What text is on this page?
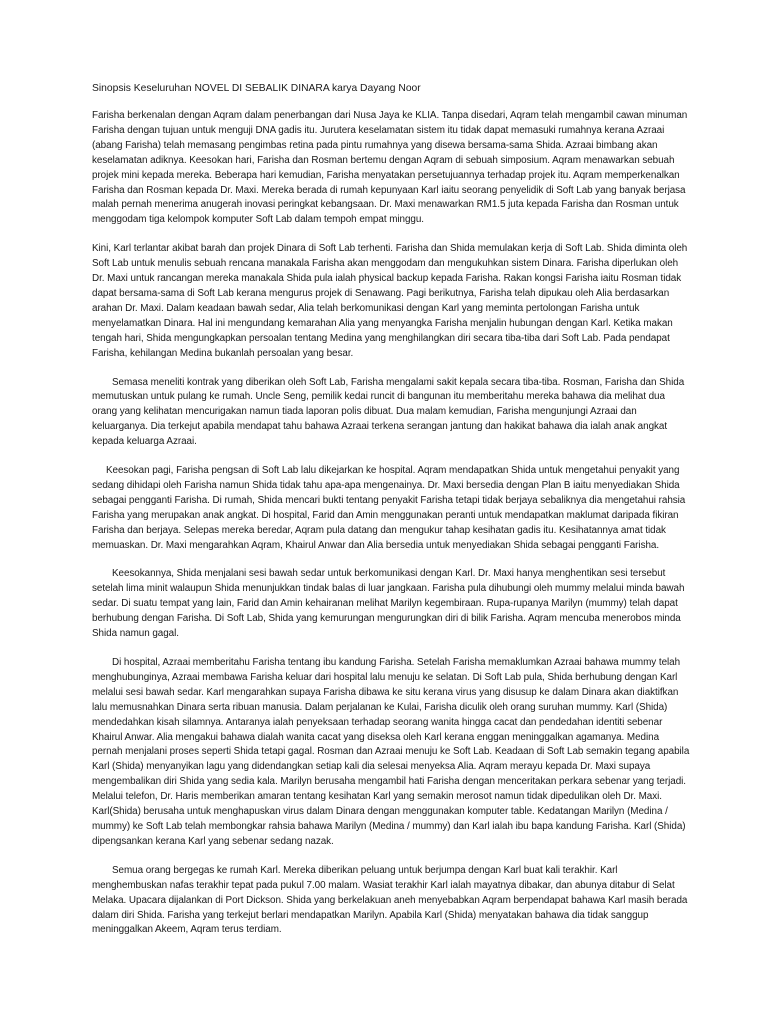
Sinopsis Keseluruhan NOVEL DI SEBALIK DINARA karya Dayang Noor

Farisha berkenalan dengan Aqram dalam penerbangan dari Nusa Jaya ke KLIA. Tanpa disedari, Aqram telah mengambil cawan minuman Farisha dengan tujuan untuk menguji DNA gadis itu. Jurutera keselamatan sistem itu tidak dapat memasuki rumahnya kerana Azraai (abang Farisha) telah memasang pengimbas retina pada pintu rumahnya yang disewa bersama-sama Shida. Azraai bimbang akan keselamatan adiknya. Keesokan hari, Farisha dan Rosman bertemu dengan Aqram di sebuah simposium. Aqram menawarkan sebuah projek mini kepada mereka. Beberapa hari kemudian, Farisha menyatakan persetujuannya terhadap projek itu. Aqram memperkenalkan Farisha dan Rosman kepada Dr. Maxi. Mereka berada di rumah kepunyaan Karl iaitu seorang penyelidik di Soft Lab yang banyak berjasa malah pernah menerima anugerah inovasi peringkat kebangsaan. Dr. Maxi menawarkan RM1.5 juta kepada Farisha dan Rosman untuk menggodam tiga kelompok komputer Soft Lab dalam tempoh empat minggu.

Kini, Karl terlantar akibat barah dan projek Dinara di Soft Lab terhenti. Farisha dan Shida memulakan kerja di Soft Lab. Shida diminta oleh Soft Lab untuk menulis sebuah rencana manakala Farisha akan menggodam dan mengukuhkan sistem Dinara. Farisha diperlukan oleh Dr. Maxi untuk rancangan mereka manakala Shida pula ialah physical backup kepada Farisha. Rakan kongsi Farisha iaitu Rosman tidak dapat bersama-sama di Soft Lab kerana mengurus projek di Senawang. Pagi berikutnya, Farisha telah dipukau oleh Alia berdasarkan arahan Dr. Maxi. Dalam keadaan bawah sedar, Alia telah berkomunikasi dengan Karl yang meminta pertolongan Farisha untuk menyelamatkan Dinara. Hal ini mengundang kemarahan Alia yang menyangka Farisha menjalin hubungan dengan Karl. Ketika makan tengah hari, Shida mengungkapkan persoalan tentang Medina yang menghilangkan diri secara tiba-tiba dari Soft Lab. Pada pendapat Farisha, kehilangan Medina bukanlah persoalan yang besar.

Semasa meneliti kontrak yang diberikan oleh Soft Lab, Farisha mengalami sakit kepala secara tiba-tiba. Rosman, Farisha dan Shida memutuskan untuk pulang ke rumah. Uncle Seng, pemilik kedai runcit di bangunan itu memberitahu mereka bahawa dia melihat dua orang yang kelihatan mencurigakan namun tiada laporan polis dibuat. Dua malam kemudian, Farisha mengunjungi Azraai dan keluarganya. Dia terkejut apabila mendapat tahu bahawa Azraai terkena serangan jantung dan hakikat bahawa dia ialah anak angkat kepada keluarga Azraai.

Keesokan pagi, Farisha pengsan di Soft Lab lalu dikejarkan ke hospital. Aqram mendapatkan Shida untuk mengetahui penyakit yang sedang dihidapi oleh Farisha namun Shida tidak tahu apa-apa mengenainya. Dr. Maxi bersedia dengan Plan B iaitu menyediakan Shida sebagai pengganti Farisha. Di rumah, Shida mencari bukti tentang penyakit Farisha tetapi tidak berjaya sebaliknya dia mengetahui rahsia Farisha yang merupakan anak angkat. Di hospital, Farid dan Amin menggunakan peranti untuk mendapatkan maklumat daripada fikiran Farisha dan berjaya. Selepas mereka beredar, Aqram pula datang dan mengukur tahap kesihatan gadis itu. Kesihatannya amat tidak memuaskan. Dr. Maxi mengarahkan Aqram, Khairul Anwar dan Alia bersedia untuk menyediakan Shida sebagai pengganti Farisha.

Keesokannya, Shida menjalani sesi bawah sedar untuk berkomunikasi dengan Karl. Dr. Maxi hanya menghentikan sesi tersebut setelah lima minit walaupun Shida menunjukkan tindak balas di luar jangkaan. Farisha pula dihubungi oleh mummy melalui minda bawah sedar. Di suatu tempat yang lain, Farid dan Amin kehairanan melihat Marilyn kegembiraan. Rupa-rupanya Marilyn (mummy) telah dapat berhubung dengan Farisha. Di Soft Lab, Shida yang kemurungan mengurungkan diri di bilik Farisha. Aqram mencuba menerobos minda Shida namun gagal.

Di hospital, Azraai memberitahu Farisha tentang ibu kandung Farisha. Setelah Farisha memaklumkan Azraai bahawa mummy telah menghubunginya, Azraai membawa Farisha keluar dari hospital lalu menuju ke selatan. Di Soft Lab pula, Shida berhubung dengan Karl melalui sesi bawah sedar. Karl mengarahkan supaya Farisha dibawa ke situ kerana virus yang disusup ke dalam Dinara akan diaktifkan lalu memusnahkan Dinara serta ribuan manusia. Dalam perjalanan ke Kulai, Farisha diculik oleh orang suruhan mummy. Karl (Shida) mendedahkan kisah silamnya. Antaranya ialah penyeksaan terhadap seorang wanita hingga cacat dan pendedahan identiti sebenar Khairul Anwar. Alia mengakui bahawa dialah wanita cacat yang diseksa oleh Karl kerana enggan meninggalkan agamanya. Medina pernah menjalani proses seperti Shida tetapi gagal. Rosman dan Azraai menuju ke Soft Lab. Keadaan di Soft Lab semakin tegang apabila Karl (Shida) menyanyikan lagu yang didendangkan setiap kali dia selesai menyeksa Alia. Aqram merayu kepada Dr. Maxi supaya mengembalikan diri Shida yang sedia kala. Marilyn berusaha mengambil hati Farisha dengan menceritakan perkara sebenar yang terjadi. Melalui telefon, Dr. Haris memberikan amaran tentang kesihatan Karl yang semakin merosot namun tidak dipedulikan oleh Dr. Maxi. Karl(Shida) berusaha untuk menghapuskan virus dalam Dinara dengan menggunakan komputer table. Kedatangan Marilyn (Medina / mummy) ke Soft Lab telah membongkar rahsia bahawa Marilyn (Medina / mummy) dan Karl ialah ibu bapa kandung Farisha. Karl (Shida) dipengsankan kerana Karl yang sebenar sedang nazak.

Semua orang bergegas ke rumah Karl. Mereka diberikan peluang untuk berjumpa dengan Karl buat kali terakhir. Karl menghembuskan nafas terakhir tepat pada pukul 7.00 malam. Wasiat terakhir Karl ialah mayatnya dibakar, dan abunya ditabur di Selat Melaka. Upacara dijalankan di Port Dickson. Shida yang berkelakuan aneh menyebabkan Aqram berpendapat bahawa Karl masih berada dalam diri Shida. Farisha yang terkejut berlari mendapatkan Marilyn. Apabila Karl (Shida) menyatakan bahawa dia tidak sanggup meninggalkan Akeem, Aqram terus terdiam.
